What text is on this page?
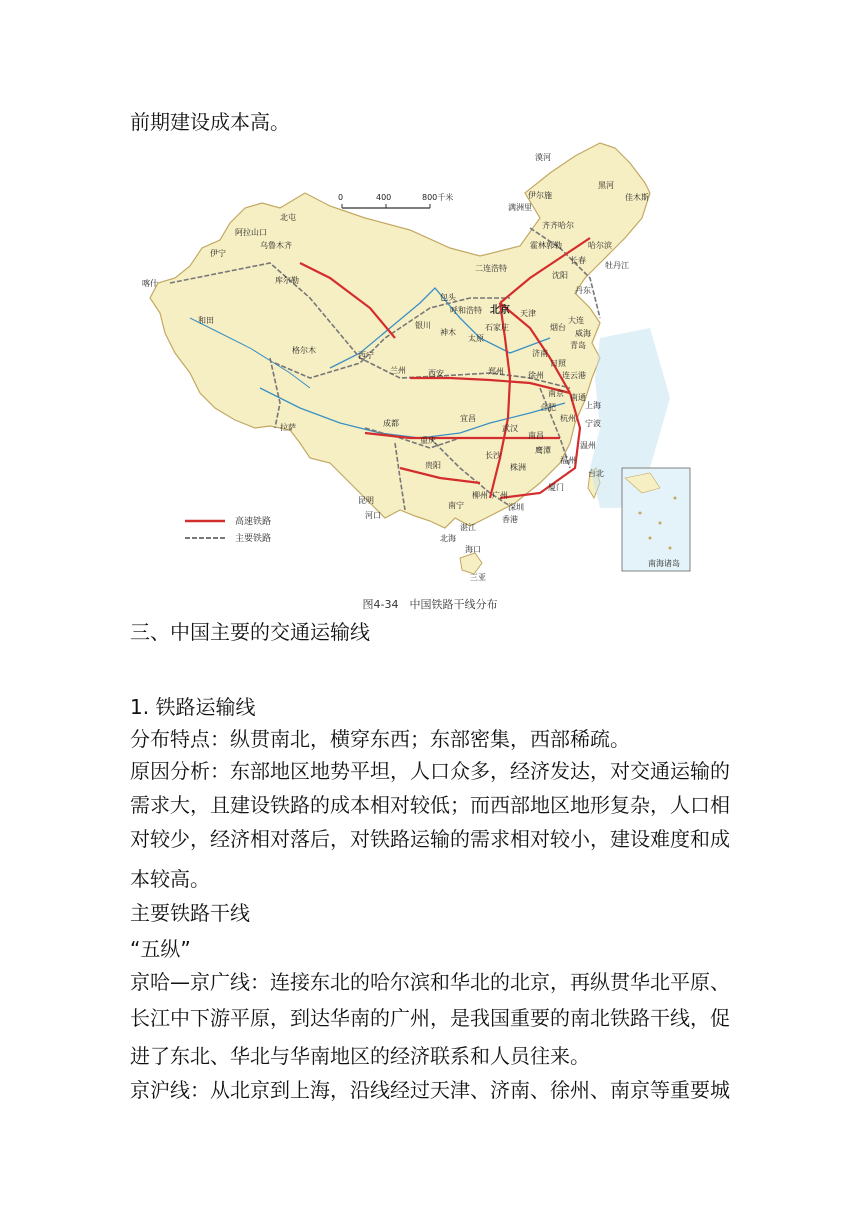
前期建设成本高。
0	400	800千米
北屯
阿拉山口
乌鲁木齐
伊宁
库尔勒
喀什
和田
格尔木
拉萨
西宁
兰州
银川
呼和浩特
包头
二连浩特
北京 天津
太原
石家庄
神木
西安	郑州
济南
青岛
成都
重庆
贵阳
昆明
南宁
柳州
长沙
武汉
南昌
合肥
南京
上海
杭州
宁波
温州
福州
厦门
台北
广州
深圳
香港
湛江
海口
三亚
北海
河口
哈尔滨
长春
沈阳
大连
满洲里
黑河
齐齐哈尔
佳木斯
霍林郭勒
丹东
烟台
威海
日照
连云港
徐州
南通
宜昌
株洲
鹰潭
漠河
伊尔施
牡丹江
高速铁路
主要铁路
南海诸岛
图4-34　中国铁路干线分布
三、中国主要的交通运输线
1. 铁路运输线
分布特点：纵贯南北，横穿东西；东部密集，西部稀疏。
原因分析：东部地区地势平坦，人口众多，经济发达，对交通运输的
需求大，且建设铁路的成本相对较低；而西部地区地形复杂，人口相
对较少，经济相对落后，对铁路运输的需求相对较小，建设难度和成
本较高。
主要铁路干线
“五纵”
京哈—京广线：连接东北的哈尔滨和华北的北京，再纵贯华北平原、
长江中下游平原，到达华南的广州，是我国重要的南北铁路干线，促
进了东北、华北与华南地区的经济联系和人员往来。
京沪线：从北京到上海，沿线经过天津、济南、徐州、南京等重要城
